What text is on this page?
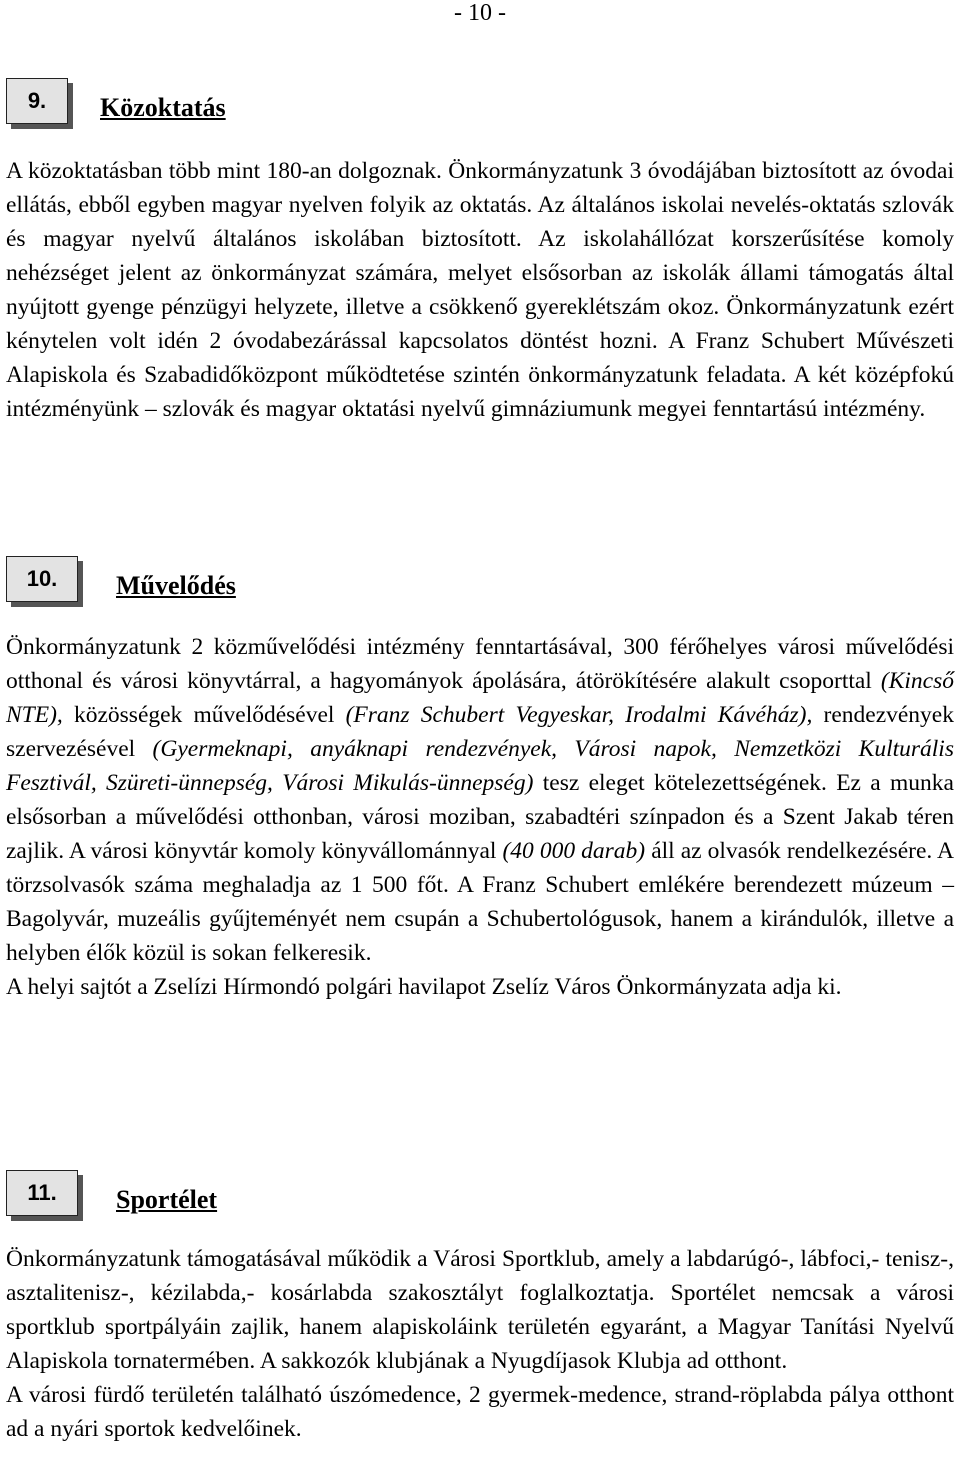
- 10 -
9.	Közoktatás

A közoktatásban több mint 180-an dolgoznak. Önkormányzatunk 3 óvodájában biztosított az óvodai ellátás, ebből egyben magyar nyelven folyik az oktatás. Az általános iskolai nevelés-oktatás szlovák és magyar nyelvű általános iskolában biztosított. Az iskolahállózat korszerűsítése komoly nehézséget jelent az önkormányzat számára, melyet elsősorban az iskolák állami támogatás által nyújtott gyenge pénzügyi helyzete, illetve a csökkenő gyereklétszám okoz. Önkormányzatunk ezért kénytelen volt idén 2 óvodabezárással kapcsolatos döntést hozni. A Franz Schubert Művészeti Alapiskola és Szabadidőközpont működtetése szintén önkormányzatunk feladata. A két középfokú intézményünk – szlovák és magyar oktatási nyelvű gimnáziumunk megyei fenntartású intézmény.

10.	Művelődés

Önkormányzatunk 2 közművelődési intézmény fenntartásával, 300 férőhelyes városi művelődési otthonal és városi könyvtárral, a hagyományok ápolására, átörökítésére alakult csoporttal (Kincső NTE), közösségek művelődésével (Franz Schubert Vegyeskar, Irodalmi Kávéház), rendezvények szervezésével (Gyermeknapi, anyáknapi rendezvények, Városi napok, Nemzetközi Kulturális Fesztivál, Szüreti-ünnepség, Városi Mikulás-ünnepség) tesz eleget kötelezettségének. Ez a munka elsősorban a művelődési otthonban, városi moziban, szabadtéri színpadon és a Szent Jakab téren zajlik. A városi könyvtár komoly könyvállománnyal (40 000 darab) áll az olvasók rendelkezésére. A törzsolvasók száma meghaladja az 1 500 főt. A Franz Schubert emlékére berendezett múzeum – Bagolyvár, muzeális gyűjteményét nem csupán a Schubertológusok, hanem a kirándulók, illetve a helyben élők közül is sokan felkeresik.

A helyi sajtót a Zselízi Hírmondó polgári havilapot Zselíz Város Önkormányzata adja ki.

11.	Sportélet

Önkormányzatunk támogatásával működik a Városi Sportklub, amely a labdarúgó-, lábfoci,- tenisz-, asztalitenisz-, kézilabda,- kosárlabda szakosztályt foglalkoztatja. Sportélet nemcsak a városi sportklub sportpályáin zajlik, hanem alapiskoláink területén egyaránt, a Magyar Tanítási Nyelvű Alapiskola tornatermében. A sakkozók klubjának a Nyugdíjasok Klubja ad otthont.

A városi fürdő területén található úszómedence, 2 gyermek-medence, strand-röplabda pálya otthont ad a nyári sportok kedvelőinek.
